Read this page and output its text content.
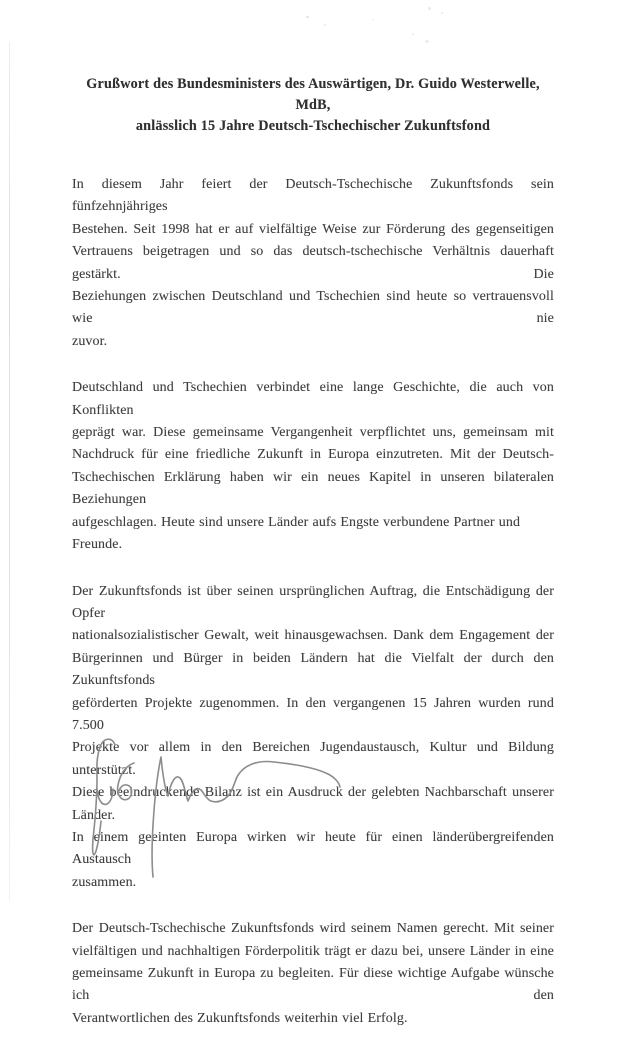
Grußwort des Bundesministers des Auswärtigen, Dr. Guido Westerwelle, MdB,
anlässlich 15 Jahre Deutsch-Tschechischer Zukunftsfond
In diesem Jahr feiert der Deutsch-Tschechische Zukunftsfonds sein fünfzehnjähriges
Bestehen. Seit 1998 hat er auf vielfältige Weise zur Förderung des gegenseitigen
Vertrauens beigetragen und so das deutsch-tschechische Verhältnis dauerhaft gestärkt. Die
Beziehungen zwischen Deutschland und Tschechien sind heute so vertrauensvoll wie nie
zuvor.
Deutschland und Tschechien verbindet eine lange Geschichte, die auch von Konflikten
geprägt war. Diese gemeinsame Vergangenheit verpflichtet uns, gemeinsam mit
Nachdruck für eine friedliche Zukunft in Europa einzutreten. Mit der Deutsch-
Tschechischen Erklärung haben wir ein neues Kapitel in unseren bilateralen Beziehungen
aufgeschlagen. Heute sind unsere Länder aufs Engste verbundene Partner und Freunde.
Der Zukunftsfonds ist über seinen ursprünglichen Auftrag, die Entschädigung der Opfer
nationalsozialistischer Gewalt, weit hinausgewachsen. Dank dem Engagement der
Bürgerinnen und Bürger in beiden Ländern hat die Vielfalt der durch den Zukunftsfonds
geförderten Projekte zugenommen. In den vergangenen 15 Jahren wurden rund 7.500
Projekte vor allem in den Bereichen Jugendaustausch, Kultur und Bildung unterstützt.
Diese beeindruckende Bilanz ist ein Ausdruck der gelebten Nachbarschaft unserer Länder.
In einem geeinten Europa wirken wir heute für einen länderübergreifenden Austausch
zusammen.
Der Deutsch-Tschechische Zukunftsfonds wird seinem Namen gerecht. Mit seiner
vielfältigen und nachhaltigen Förderpolitik trägt er dazu bei, unsere Länder in eine
gemeinsame Zukunft in Europa zu begleiten. Für diese wichtige Aufgabe wünsche ich den
Verantwortlichen des Zukunftsfonds weiterhin viel Erfolg.
